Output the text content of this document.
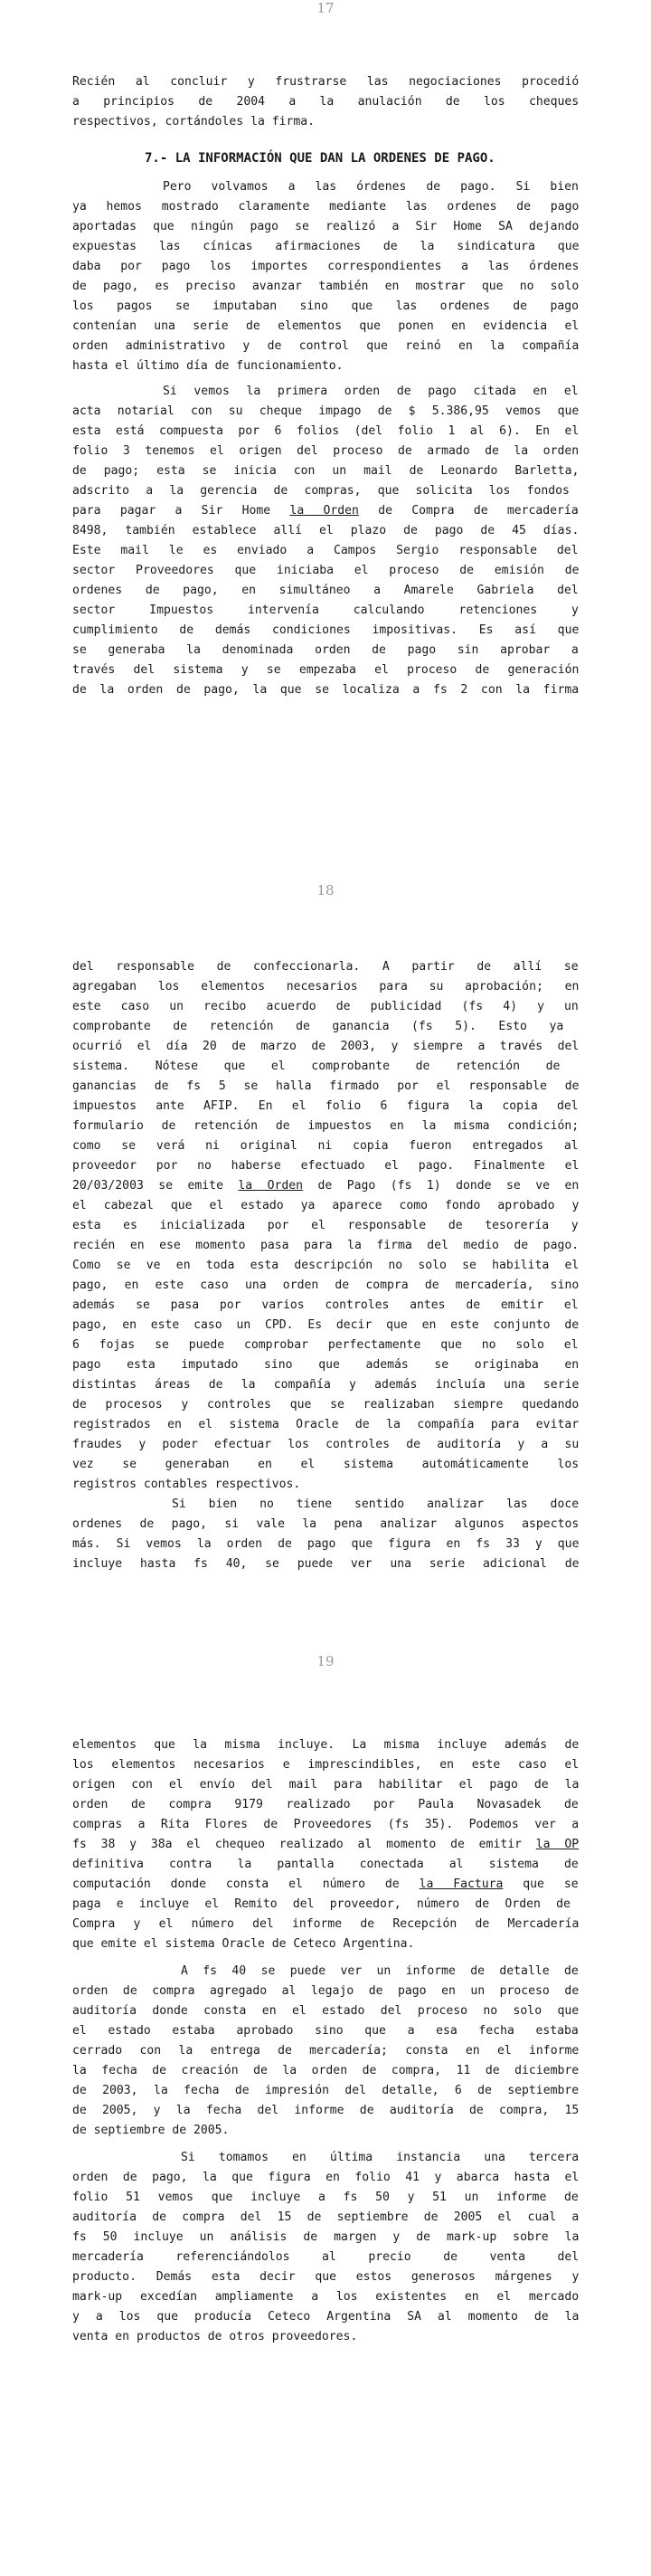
17
Recién al concluir y frustrarse las negociaciones procedió
a principios de 2004 a la anulación de los cheques
respectivos, cortándoles la firma.
7.- LA INFORMACIÓN QUE DAN LA ORDENES DE PAGO.
Pero volvamos a las órdenes de pago. Si bien
ya hemos mostrado claramente mediante las ordenes de pago
aportadas que ningún pago se realizó a Sir Home SA dejando
expuestas las cínicas afirmaciones de la sindicatura que
daba por pago los importes correspondientes a las órdenes
de pago, es preciso avanzar también en mostrar que no solo
los pagos se imputaban sino que las ordenes de pago
contenían una serie de elementos que ponen en evidencia el
orden administrativo y de control que reinó en la compañía
hasta el último día de funcionamiento.
Si vemos la primera orden de pago citada en el
acta notarial con su cheque impago de $ 5.386,95 vemos que
esta está compuesta por 6 folios (del folio 1 al 6). En el
folio 3 tenemos el origen del proceso de armado de la orden
de pago; esta se inicia con un mail de Leonardo Barletta,
adscrito a la gerencia de compras, que solicita los fondos
para pagar a Sir Home la Orden de Compra de mercadería
8498, también establece allí el plazo de pago de 45 días.
Este mail le es enviado a Campos Sergio responsable del
sector Proveedores que iniciaba el proceso de emisión de
ordenes de pago, en simultáneo a Amarele Gabriela del
sector Impuestos intervenía calculando retenciones y
cumplimiento de demás condiciones impositivas. Es así que
se generaba la denominada orden de pago sin aprobar a
través del sistema y se empezaba el proceso de generación
de la orden de pago, la que se localiza a fs 2 con la firma
18
del responsable de confeccionarla. A partir de allí se
agregaban los elementos necesarios para su aprobación; en
este caso un recibo acuerdo de publicidad (fs 4) y un
comprobante de retención de ganancia (fs 5). Esto ya
ocurrió el día 20 de marzo de 2003, y siempre a través del
sistema. Nótese que el comprobante de retención de
ganancias de fs 5 se halla firmado por el responsable de
impuestos ante AFIP. En el folio 6 figura la copia del
formulario de retención de impuestos en la misma condición;
como se verá ni original ni copia fueron entregados al
proveedor por no haberse efectuado el pago. Finalmente el
20/03/2003 se emite la Orden de Pago (fs 1) donde se ve en
el cabezal que el estado ya aparece como fondo aprobado y
esta es inicializada por el responsable de tesorería y
recién en ese momento pasa para la firma del medio de pago.
Como se ve en toda esta descripción no solo se habilita el
pago, en este caso una orden de compra de mercadería, sino
además se pasa por varios controles antes de emitir el
pago, en este caso un CPD. Es decir que en este conjunto de
6 fojas se puede comprobar perfectamente que no solo el
pago esta imputado sino que además se originaba en
distintas áreas de la compañía y además incluía una serie
de procesos y controles que se realizaban siempre quedando
registrados en el sistema Oracle de la compañía para evitar
fraudes y poder efectuar los controles de auditoría y a su
vez se generaban en el sistema automáticamente los
registros contables respectivos.
Si bien no tiene sentido analizar las doce
ordenes de pago, si vale la pena analizar algunos aspectos
más. Si vemos la orden de pago que figura en fs 33 y que
incluye hasta fs 40, se puede ver una serie adicional de
19
elementos que la misma incluye. La misma incluye además de
los elementos necesarios e imprescindibles, en este caso el
origen con el envío del mail para habilitar el pago de la
orden de compra 9179 realizado por Paula Novasadek de
compras a Rita Flores de Proveedores (fs 35). Podemos ver a
fs 38 y 38a el chequeo realizado al momento de emitir la OP
definitiva contra la pantalla conectada al sistema de
computación donde consta el número de la Factura que se
paga e incluye el Remito del proveedor, número de Orden de
Compra y el número del informe de Recepción de Mercadería
que emite el sistema Oracle de Ceteco Argentina.
A fs 40 se puede ver un informe de detalle de
orden de compra agregado al legajo de pago en un proceso de
auditoría donde consta en el estado del proceso no solo que
el estado estaba aprobado sino que a esa fecha estaba
cerrado con la entrega de mercadería; consta en el informe
la fecha de creación de la orden de compra, 11 de diciembre
de 2003, la fecha de impresión del detalle, 6 de septiembre
de 2005, y la fecha del informe de auditoría de compra, 15
de septiembre de 2005.
Si tomamos en última instancia una tercera
orden de pago, la que figura en folio 41 y abarca hasta el
folio 51 vemos que incluye a fs 50 y 51 un informe de
auditoría de compra del 15 de septiembre de 2005 el cual a
fs 50 incluye un análisis de margen y de mark-up sobre la
mercadería referenciándolos al precio de venta del
producto. Demás esta decir que estos generosos márgenes y
mark-up excedían ampliamente a los existentes en el mercado
y a los que producía Ceteco Argentina SA al momento de la
venta en productos de otros proveedores.
